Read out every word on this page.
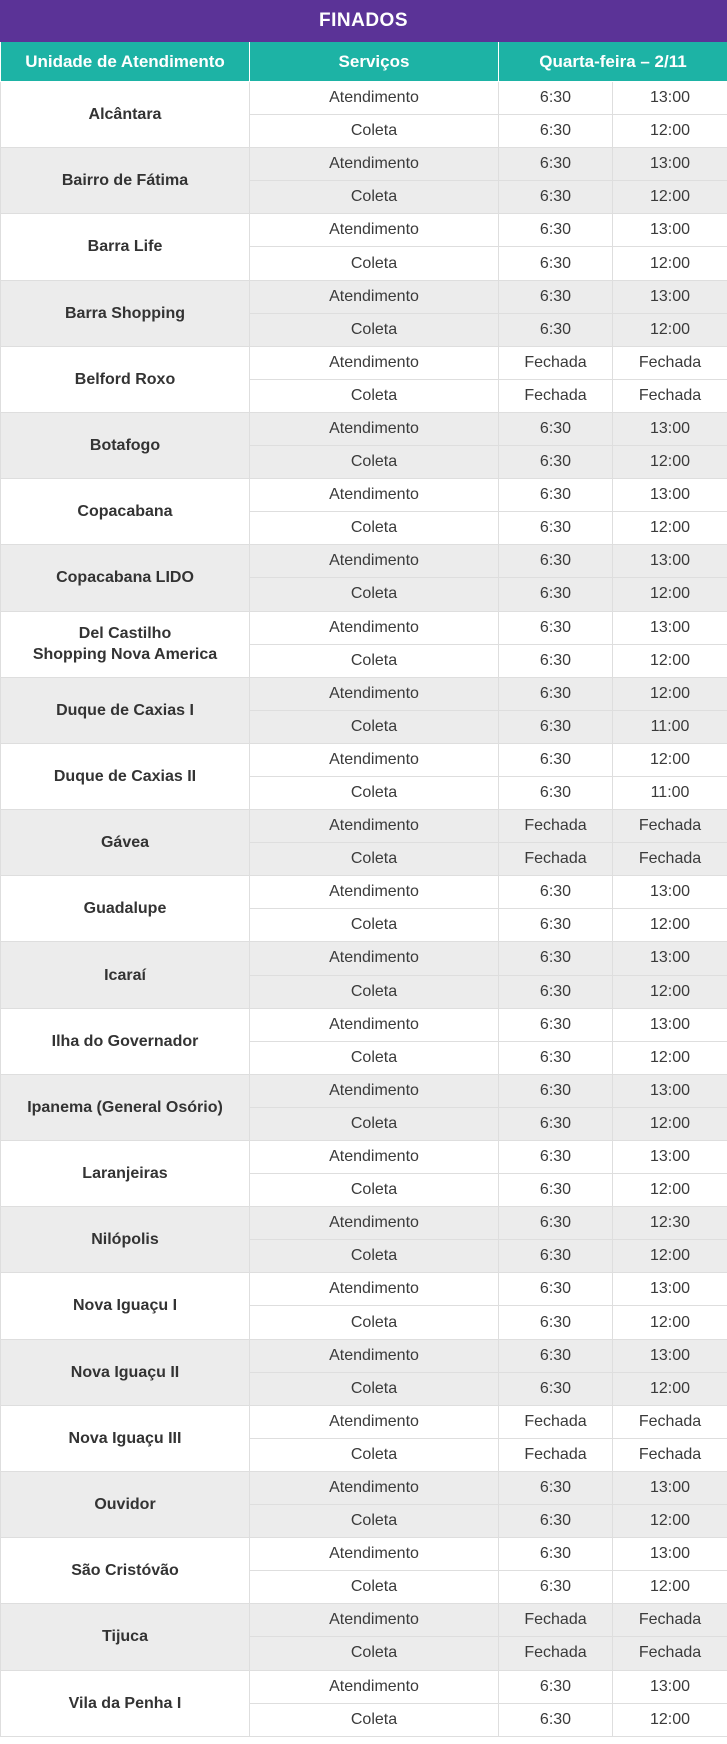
FINADOS
Unidade de Atendimento	Serviços	Quarta-feira – 2/11	
Alcântara	Atendimento	6:30	13:00
	Coleta	6:30	12:00
Bairro de Fátima	Atendimento	6:30	13:00
	Coleta	6:30	12:00
Barra Life	Atendimento	6:30	13:00
	Coleta	6:30	12:00
Barra Shopping	Atendimento	6:30	13:00
	Coleta	6:30	12:00
Belford Roxo	Atendimento	Fechada	Fechada
	Coleta	Fechada	Fechada
Botafogo	Atendimento	6:30	13:00
	Coleta	6:30	12:00
Copacabana	Atendimento	6:30	13:00
	Coleta	6:30	12:00
Copacabana LIDO	Atendimento	6:30	13:00
	Coleta	6:30	12:00
Del Castilho
Shopping Nova America	Atendimento	6:30	13:00
	Coleta	6:30	12:00
Duque de Caxias I	Atendimento	6:30	12:00
	Coleta	6:30	11:00
Duque de Caxias II	Atendimento	6:30	12:00
	Coleta	6:30	11:00
Gávea	Atendimento	Fechada	Fechada
	Coleta	Fechada	Fechada
Guadalupe	Atendimento	6:30	13:00
	Coleta	6:30	12:00
Icaraí	Atendimento	6:30	13:00
	Coleta	6:30	12:00
Ilha do Governador	Atendimento	6:30	13:00
	Coleta	6:30	12:00
Ipanema (General Osório)	Atendimento	6:30	13:00
	Coleta	6:30	12:00
Laranjeiras	Atendimento	6:30	13:00
	Coleta	6:30	12:00
Nilópolis	Atendimento	6:30	12:30
	Coleta	6:30	12:00
Nova Iguaçu I	Atendimento	6:30	13:00
	Coleta	6:30	12:00
Nova Iguaçu II	Atendimento	6:30	13:00
	Coleta	6:30	12:00
Nova Iguaçu III	Atendimento	Fechada	Fechada
	Coleta	Fechada	Fechada
Ouvidor	Atendimento	6:30	13:00
	Coleta	6:30	12:00
São Cristóvão	Atendimento	6:30	13:00
	Coleta	6:30	12:00
Tijuca	Atendimento	Fechada	Fechada
	Coleta	Fechada	Fechada
Vila da Penha I	Atendimento	6:30	13:00
	Coleta	6:30	12:00
